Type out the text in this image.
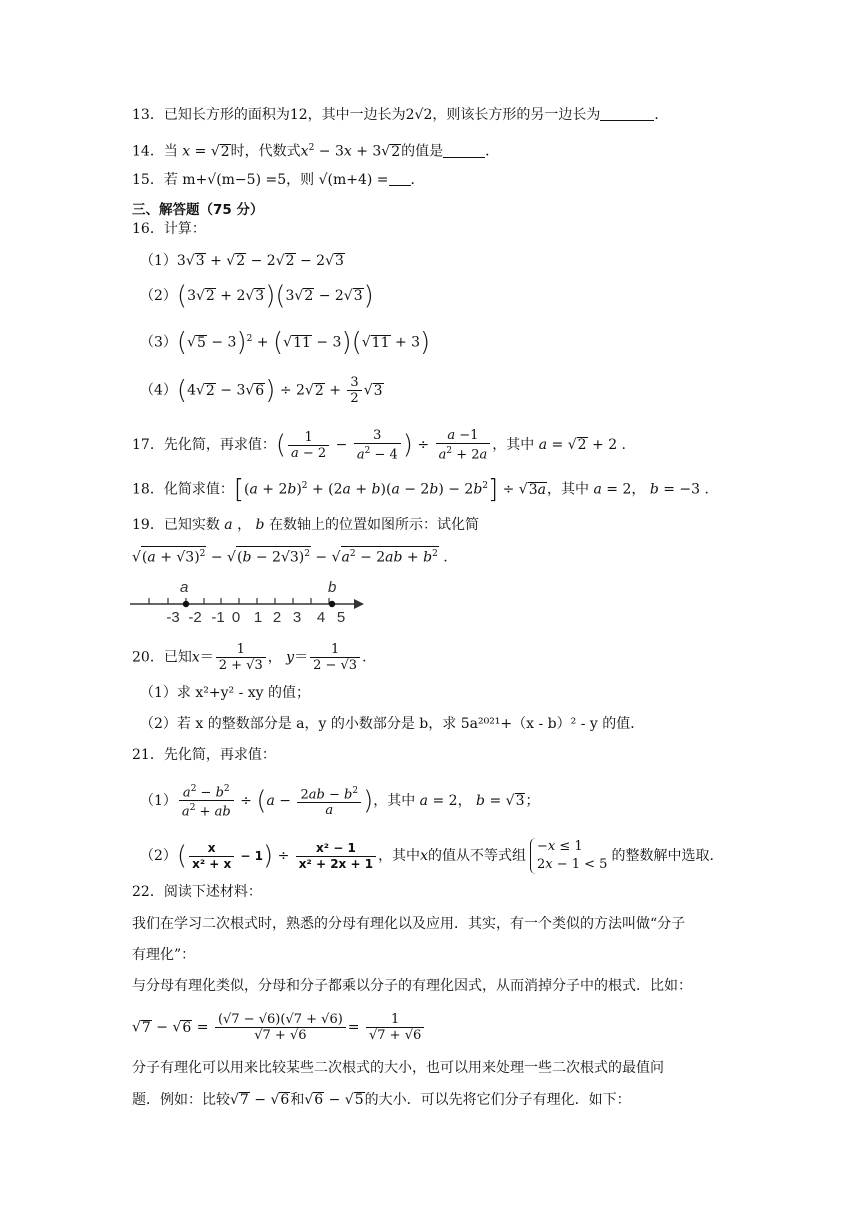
13．已知长方形的面积为12，其中一边长为2√2，则该长方形的另一边长为	．
14．当 x = √2时，代数式$x^2 - 3x + 3√2$的值是	．
15．若 m+√(m−5) =5，则 √(m+4) = ．
三、解答题（75 分）
16．计算：
（1）3√3 + √2 − 2√2 − 2√3
（2）(3√2 + 2√3)(3√2 − 2√3)
$(3)(√5 - 3)^2 + (√11 - 3)(√11 + 3)$
$(4)(4√2 - 3√6) \div 2√2 + \frac{3}{2} √3$
17．先化简，再求值：( $\frac{1}{a - 2} - \frac{3}{a^2 - 4}$ ) ÷ $\frac{a -1}{a^2 + 2a}$ ，其中 a = √2 + 2 .
18．化简求值：$[(a + 2b)^2 + (2a + b)(a - 2b) - 2b^2] \div √3a$，其中 a = 2， b = −3 .
19．已知实数 a ， b 在数轴上的位置如图所示：试化简
$√(a + √3)^2 - √(b - 2√3)^2 - √a^2 - 2ab + b^2$ .
a	b
-3 -2 -1 0 1 2 3 4 5
20．已知$x= \frac{1}{2 + √3}$ ， $y= \frac{1}{2 - √3}$ .
（1）求 x²+y² - xy 的值；
（2）若 x 的整数部分是 a，y 的小数部分是 b，求 5a²⁰²¹+（x - b）² - y 的值．
21．先化简，再求值：
$(1) \frac{a^2 - b^2}{a^2 + ab} \div (a - \frac{2ab - b^2}{a}$ )，其中 a = 2， b = √3；
$(2)( \frac{x}{\text{x² + x}} - 1) \div \frac{\text{x² − 1}}{\text{x² + 2x + 1}}$ ，其中x的值从不等式组−x ≤ 1
2x − 1 < 5的整数解中选取．
22．阅读下述材料：
我们在学习二次根式时，熟悉的分母有理化以及应用．其实，有一个类似的方法叫做“分子
有理化”：
与分母有理化类似，分母和分子都乘以分子的有理化因式，从而消掉分子中的根式．比如：
$√7 - √6 = \frac{(√7 - √6)(√7 + √6)}{√7 + √6} = \frac{1}{√7 + √6}$
分子有理化可以用来比较某些二次根式的大小，也可以用来处理一些二次根式的最值问
题．例如：比较√7 − √6和√6 − √5的大小．可以先将它们分子有理化．如下：
